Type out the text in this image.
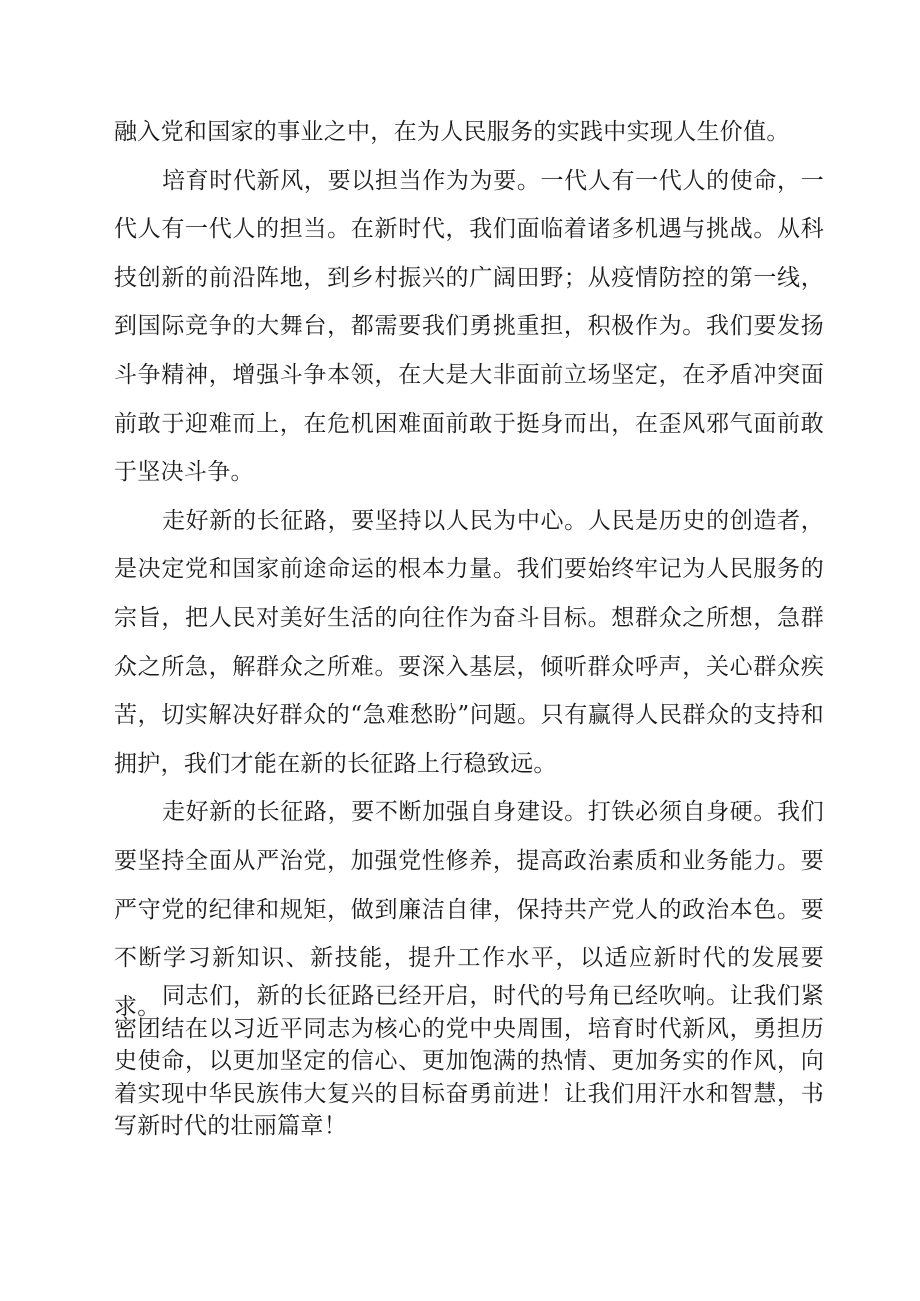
融入党和国家的事业之中，在为人民服务的实践中实现人生价值。

培育时代新风，要以担当作为为要。一代人有一代人的使命，一代人有一代人的担当。在新时代，我们面临着诸多机遇与挑战。从科技创新的前沿阵地，到乡村振兴的广阔田野；从疫情防控的第一线，到国际竞争的大舞台，都需要我们勇挑重担，积极作为。我们要发扬斗争精神，增强斗争本领，在大是大非面前立场坚定，在矛盾冲突面前敢于迎难而上，在危机困难面前敢于挺身而出，在歪风邪气面前敢于坚决斗争。

走好新的长征路，要坚持以人民为中心。人民是历史的创造者，是决定党和国家前途命运的根本力量。我们要始终牢记为人民服务的宗旨，把人民对美好生活的向往作为奋斗目标。想群众之所想，急群众之所急，解群众之所难。要深入基层，倾听群众呼声，关心群众疾苦，切实解决好群众的“急难愁盼”问题。只有赢得人民群众的支持和拥护，我们才能在新的长征路上行稳致远。

走好新的长征路，要不断加强自身建设。打铁必须自身硬。我们要坚持全面从严治党，加强党性修养，提高政治素质和业务能力。要严守党的纪律和规矩，做到廉洁自律，保持共产党人的政治本色。要不断学习新知识、新技能，提升工作水平，以适应新时代的发展要求。 同志们，新的长征路已经开启，时代的号角已经吹响。让我们紧密团结在以习近平同志为核心的党中央周围，培育时代新风，勇担历史使命，以更加坚定的信心、更加饱满的热情、更加务实的作风，向着实现中华民族伟大复兴的目标奋勇前进！让我们用汗水和智慧，书写新时代的壮丽篇章！
